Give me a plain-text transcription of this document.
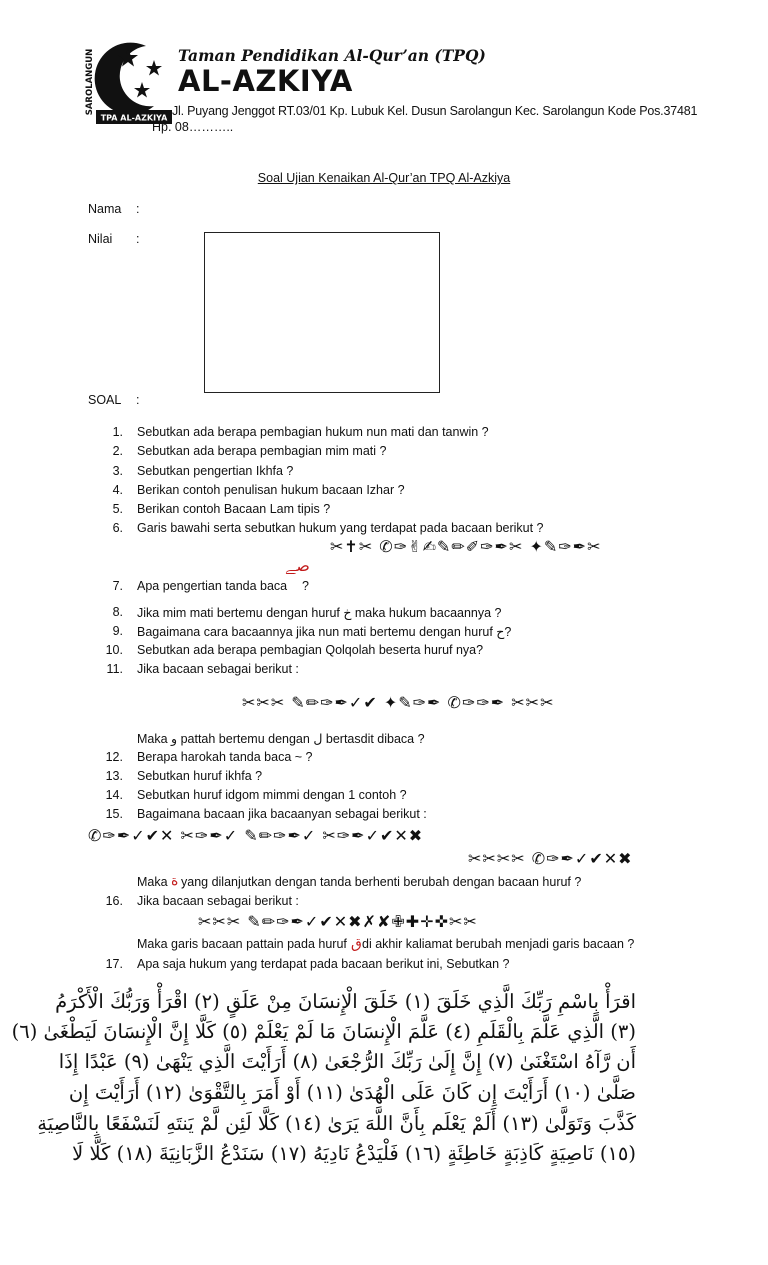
SAROLANGUN
TPA AL-AZKIYA
Taman Pendidikan Al-Qur’an (TPQ)
AL-AZKIYA
Jl. Puyang Jenggot RT.03/01 Kp. Lubuk Kel. Dusun Sarolangun Kec. Sarolangun Kode Pos.37481
Hp. 08………..
Soal Ujian Kenaikan Al-Qur’an TPQ Al-Azkiya
Nama :
Nilai :
SOAL :
1. Sebutkan ada berapa pembagian hukum nun mati dan tanwin ?
2. Sebutkan ada berapa pembagian mim mati ?
3. Sebutkan pengertian Ikhfa ?
4. Berikan contoh penulisan hukum bacaan Izhar ?
5. Berikan contoh Bacaan Lam tipis ?
6. Garis bawahi serta sebutkan hukum yang terdapat pada bacaan berikut ?
✂✝✂ ✆✑✌✍✎✏✐✑✒✂ ✦✎✑✒✂
7. Apa pengertian tanda baca
ﺻﮯ
?
8. Jika mim mati bertemu dengan huruf خ maka hukum bacaannya ?
9. Bagaimana cara bacaannya jika nun mati bertemu dengan huruf ح?
10. Sebutkan ada berapa pembagian Qolqolah beserta huruf nya?
11. Jika bacaan sebagai berikut :
✂✂✂ ✎✏✑✒✓✔ ✦✎✑✒ ✆✑✑✒ ✂✂✂
Maka و pattah bertemu dengan ل bertasdit dibaca ?
12. Berapa harokah tanda baca ~ ?
13. Sebutkan huruf ikhfa ?
14. Sebutkan huruf idgom mimmi dengan 1 contoh ?
15. Bagaimana bacaan jika bacaanyan sebagai berikut :
✆✑✒✓✔✕ ✂✑✒✓ ✎✏✑✒✓ ✂✑✒✓✔✕✖
✂✂✂✂ ✆✑✒✓✔✕✖
Maka ة yang dilanjutkan dengan tanda berhenti berubah dengan bacaan huruf ?
16. Jika bacaan sebagai berikut :
✂✂✂ ✎✏✑✒✓✔✕✖✗✘✙✚✛✜✂✂
Maka garis bacaan pattain pada huruf ق di akhir kaliamat berubah menjadi garis bacaan ?
17. Apa saja hukum yang terdapat pada bacaan berikut ini, Sebutkan ?
اقرَأْ بِاسْمِ رَبِّكَ الَّذِي خَلَقَ (١) خَلَقَ الْإِنسَانَ مِنْ عَلَقٍ (٢) اقْرَأْ وَرَبُّكَ الْأَكْرَمُ
(٣) الَّذِي عَلَّمَ بِالْقَلَمِ (٤) عَلَّمَ الْإِنسَانَ مَا لَمْ يَعْلَمْ (٥) كَلَّا إِنَّ الْإِنسَانَ لَيَطْغَىٰ (٦)
أَن رَّآهُ اسْتَغْنَىٰ (٧) إِنَّ إِلَىٰ رَبِّكَ الرُّجْعَىٰ (٨) أَرَأَيْتَ الَّذِي يَنْهَىٰ (٩) عَبْدًا إِذَا
صَلَّىٰ (١٠) أَرَأَيْتَ إِن كَانَ عَلَى الْهُدَىٰ (١١) أَوْ أَمَرَ بِالتَّقْوَىٰ (١٢) أَرَأَيْتَ إِن
كَذَّبَ وَتَوَلَّىٰ (١٣) أَلَمْ يَعْلَم بِأَنَّ اللَّهَ يَرَىٰ (١٤) كَلَّا لَئِن لَّمْ يَنتَهِ لَنَسْفَعًا بِالنَّاصِيَةِ
(١٥) نَاصِيَةٍ كَاذِبَةٍ خَاطِئَةٍ (١٦) فَلْيَدْعُ نَادِيَهُ (١٧) سَنَدْعُ الزَّبَانِيَةَ (١٨) كَلَّا لَا
